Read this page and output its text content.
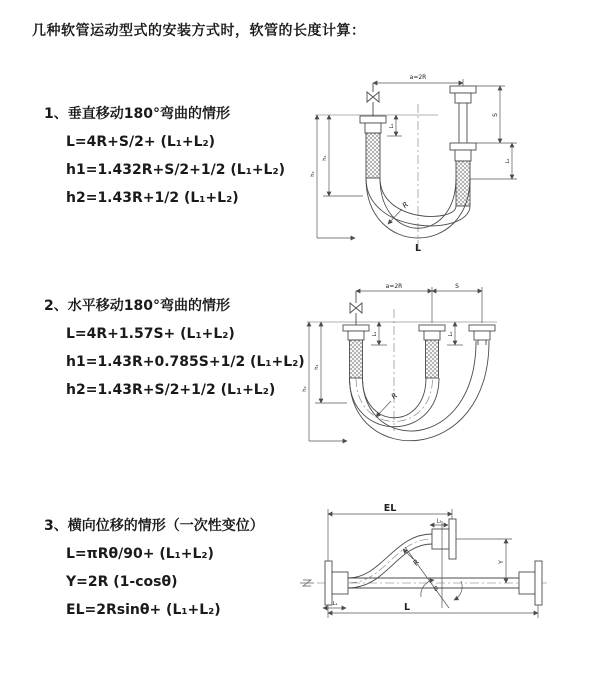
几种软管运动型式的安装方式时，软管的长度计算：
1、垂直移动180°弯曲的情形
L=4R+S/2+ (L₁+L₂)
h1=1.432R+S/2+1/2 (L₁+L₂)
h2=1.43R+1/2 (L₁+L₂)
2、水平移动180°弯曲的情形
L=4R+1.57S+ (L₁+L₂)
h1=1.43R+0.785S+1/2 (L₁+L₂)
h2=1.43R+S/2+1/2 (L₁+L₂)
3、横向位移的情形（一次性变位）
L=πRθ/90+ (L₁+L₂)
Y=2R (1-cosθ)
EL=2Rsinθ+ (L₁+L₂)
a=2R
L₁
S
L₂
h₁
h₂
R
L
a=2R	S
L₁	L₂
h₁
h₂
R
EL
L₂
Y
L
L₁
θ
R
